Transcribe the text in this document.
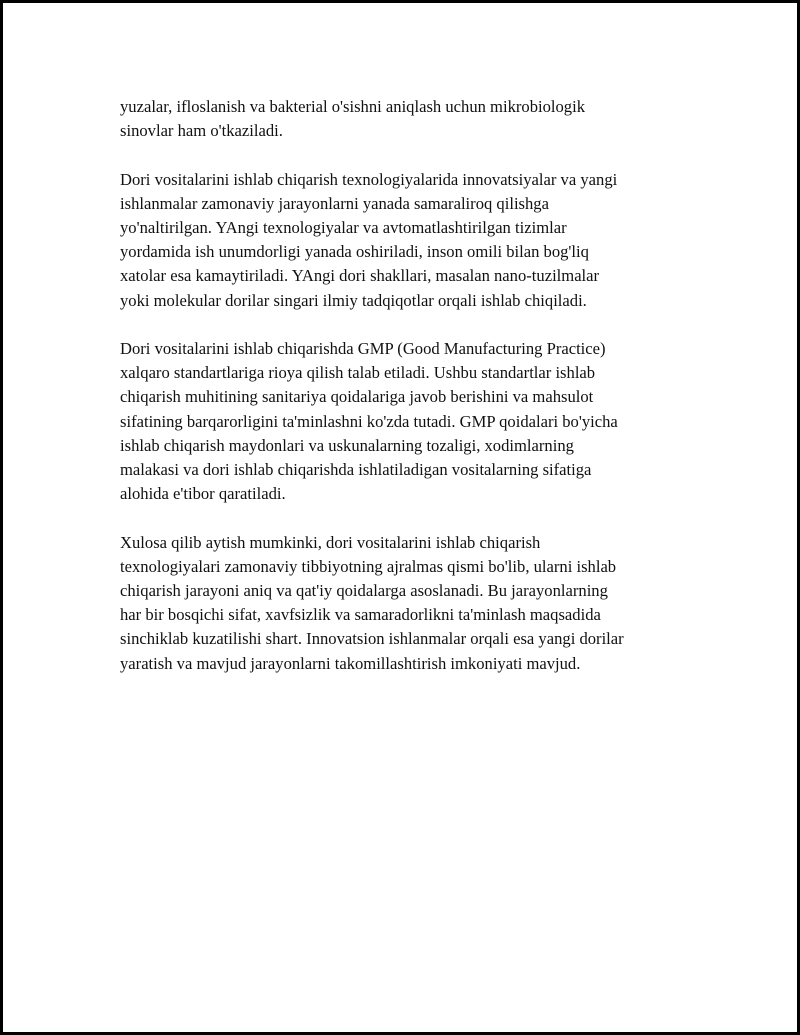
yuzalar, ifloslanish va bakterial o'sishni aniqlash uchun mikrobiologik
sinovlar ham o'tkaziladi.

Dori vositalarini ishlab chiqarish texnologiyalarida innovatsiyalar va yangi
ishlanmalar zamonaviy jarayonlarni yanada samaraliroq qilishga
yo'naltirilgan. YAngi texnologiyalar va avtomatlashtirilgan tizimlar
yordamida ish unumdorligi yanada oshiriladi, inson omili bilan bog'liq
xatolar esa kamaytiriladi. YAngi dori shakllari, masalan nano-tuzilmalar
yoki molekular dorilar singari ilmiy tadqiqotlar orqali ishlab chiqiladi.

Dori vositalarini ishlab chiqarishda GMP (Good Manufacturing Practice)
xalqaro standartlariga rioya qilish talab etiladi. Ushbu standartlar ishlab
chiqarish muhitining sanitariya qoidalariga javob berishini va mahsulot
sifatining barqarorligini ta'minlashni ko'zda tutadi. GMP qoidalari bo'yicha
ishlab chiqarish maydonlari va uskunalarning tozaligi, xodimlarning
malakasi va dori ishlab chiqarishda ishlatiladigan vositalarning sifatiga
alohida e'tibor qaratiladi.

Xulosa qilib aytish mumkinki, dori vositalarini ishlab chiqarish
texnologiyalari zamonaviy tibbiyotning ajralmas qismi bo'lib, ularni ishlab
chiqarish jarayoni aniq va qat'iy qoidalarga asoslanadi. Bu jarayonlarning
har bir bosqichi sifat, xavfsizlik va samaradorlikni ta'minlash maqsadida
sinchiklab kuzatilishi shart. Innovatsion ishlanmalar orqali esa yangi dorilar
yaratish va mavjud jarayonlarni takomillashtirish imkoniyati mavjud.
